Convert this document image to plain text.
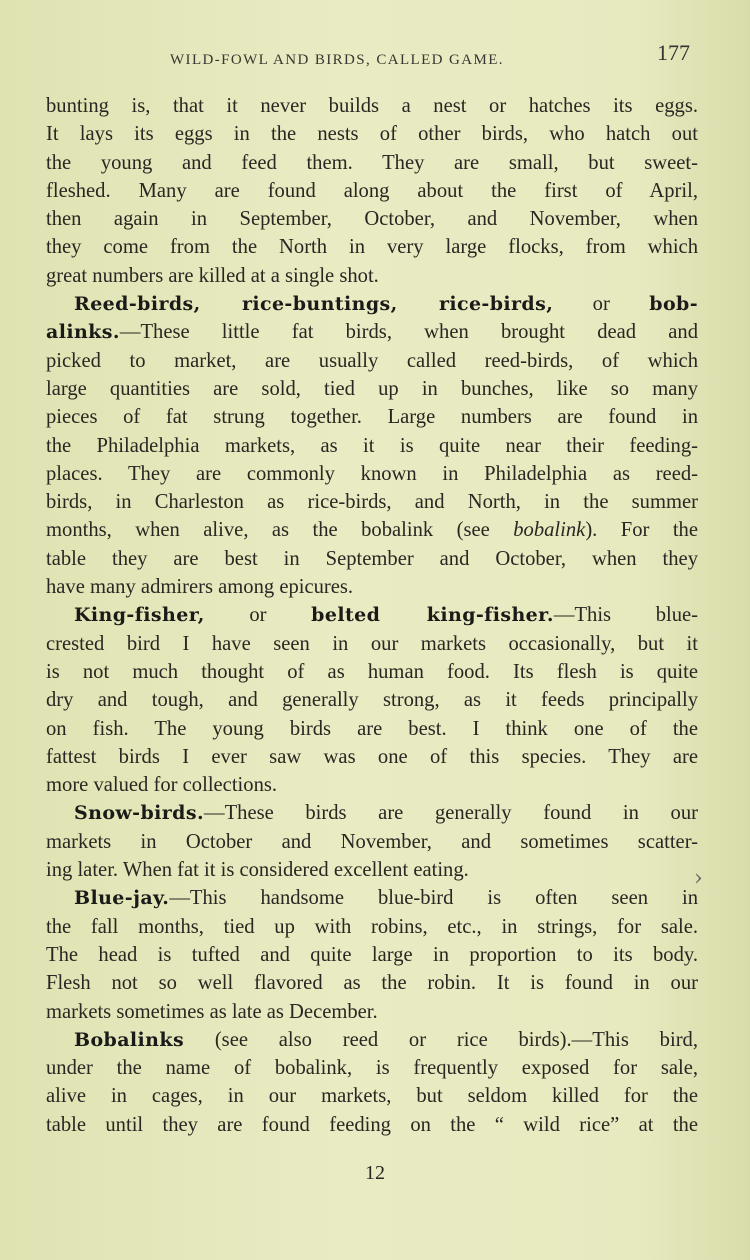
WILD-FOWL AND BIRDS, CALLED GAME.	177
bunting is, that it never builds a nest or hatches its eggs.
It lays its eggs in the nests of other birds, who hatch out
the young and feed them. They are small, but sweet-
fleshed. Many are found along about the first of April,
then again in September, October, and November, when
they come from the North in very large flocks, from which
great numbers are killed at a single shot.
Reed-birds, rice-buntings, rice-birds, or bob-
alinks.—These little fat birds, when brought dead and
picked to market, are usually called reed-birds, of which
large quantities are sold, tied up in bunches, like so many
pieces of fat strung together. Large numbers are found in
the Philadelphia markets, as it is quite near their feeding-
places. They are commonly known in Philadelphia as reed-
birds, in Charleston as rice-birds, and North, in the summer
months, when alive, as the bobalink (see bobalink). For the
table they are best in September and October, when they
have many admirers among epicures.
King-fisher, or belted king-fisher.—This blue-
crested bird I have seen in our markets occasionally, but it
is not much thought of as human food. Its flesh is quite
dry and tough, and generally strong, as it feeds principally
on fish. The young birds are best. I think one of the
fattest birds I ever saw was one of this species. They are
more valued for collections.
Snow-birds.—These birds are generally found in our
markets in October and November, and sometimes scatter-
ing later. When fat it is considered excellent eating.
Blue-jay.—This handsome blue-bird is often seen in
the fall months, tied up with robins, etc., in strings, for sale.
The head is tufted and quite large in proportion to its body.
Flesh not so well flavored as the robin. It is found in our
markets sometimes as late as December.
Bobalinks (see also reed or rice birds).—This bird,
under the name of bobalink, is frequently exposed for sale,
alive in cages, in our markets, but seldom killed for the
table until they are found feeding on the “ wild rice” at the
12
›
